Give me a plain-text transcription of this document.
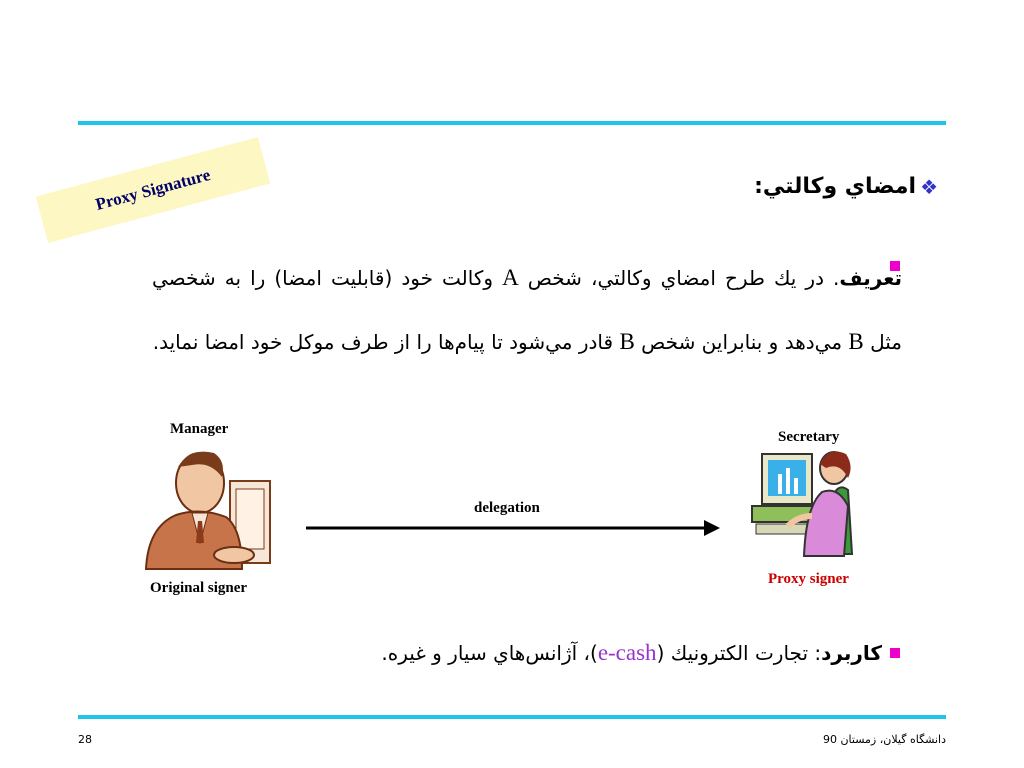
Proxy Signature	❖
امضاي وكالتي:
تعريف. در يك طرح امضاي وكالتي، شخص A وكالت خود (قابليت امضا) را به شخصي مثل B مي‌دهد و بنابراين شخص B قادر مي‌شود تا پيام‌ها را از طرف موكل خود امضا نمايد.
Manager
Original signer
delegation
Secretary
Proxy signer
كاربرد: تجارت الكترونيك (e-cash)، آژانس‌هاي سيار و غيره.
28	دانشگاه گيلان، زمستان 90
